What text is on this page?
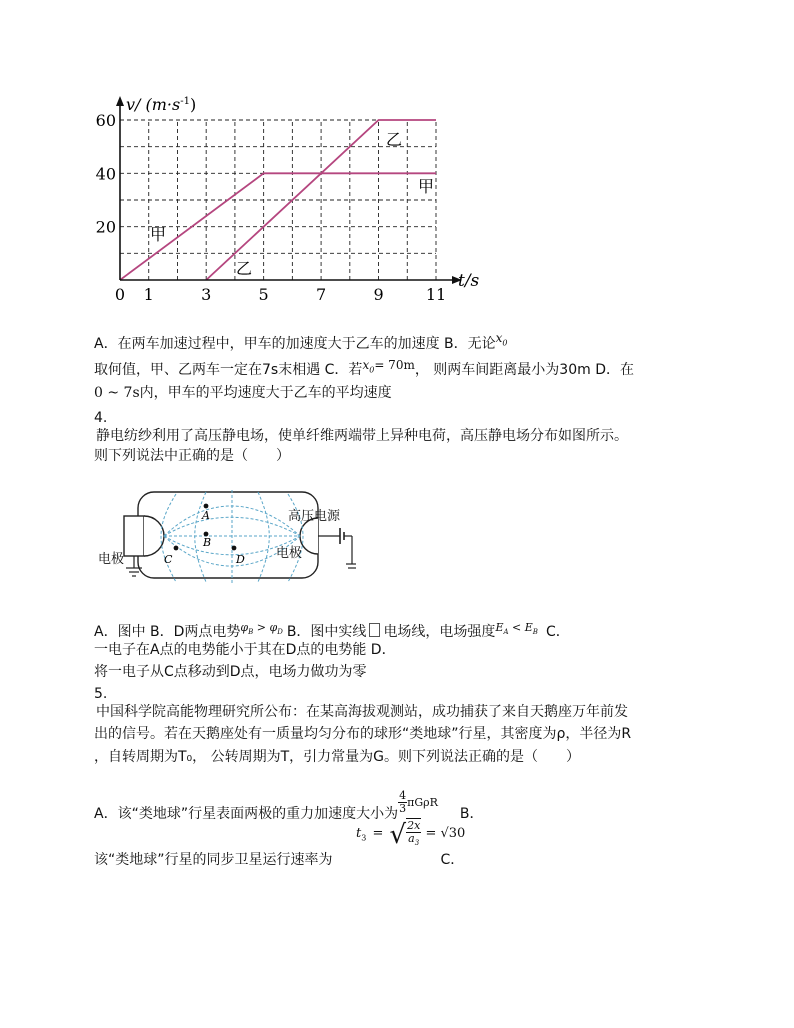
0 1	3	5	7	9	11
20
40
60
v/ $(m\cdot s^{-1})$
t/s
甲
甲
乙
乙
A．在两车加速过程中，甲车的加速度大于乙车的加速度 B．无论$x_0$
取何值，甲、乙两车一定在7s末相遇 C．若$x_0= 70m$， 则两车间距离最小为30m D．在
0 ~ 7s内，甲车的平均速度大于乙车的平均速度
4.
静电纺纱利用了高压静电场，使单纤维两端带上异种电荷，高压静电场分布如图所示。
则下列说法中正确的是（　　）
A
B
C	D
电极	电极
高压电源
A．图中 B．D两点电势$^{\varphi_B > \varphi_D}$ B．图中实线 电场线，电场强度$^{E_A < E_B}$ C．
一电子在A点的电势能小于其在D点的电势能 D．
将一电子从C点移动到D点，电场力做功为零
5.
中国科学院高能物理研究所公布：在某高海拔观测站，成功捕获了来自天鹅座万年前发
出的信号。若在天鹅座处有一质量均匀分布的球形“类地球”行星，其密度为ρ，半径为R
，自转周期为T₀， 公转周期为T，引力常量为G。则下列说法正确的是（　　）
A．该“类地球”行星表面两极的重力加速度大小为 $\frac{4}{3} ^{\pi G\rho R}B$．
$t_3$ = √ $\frac{2x}{a_3} = √30$
该“类地球”行星的同步卫星运行速率为	C．
